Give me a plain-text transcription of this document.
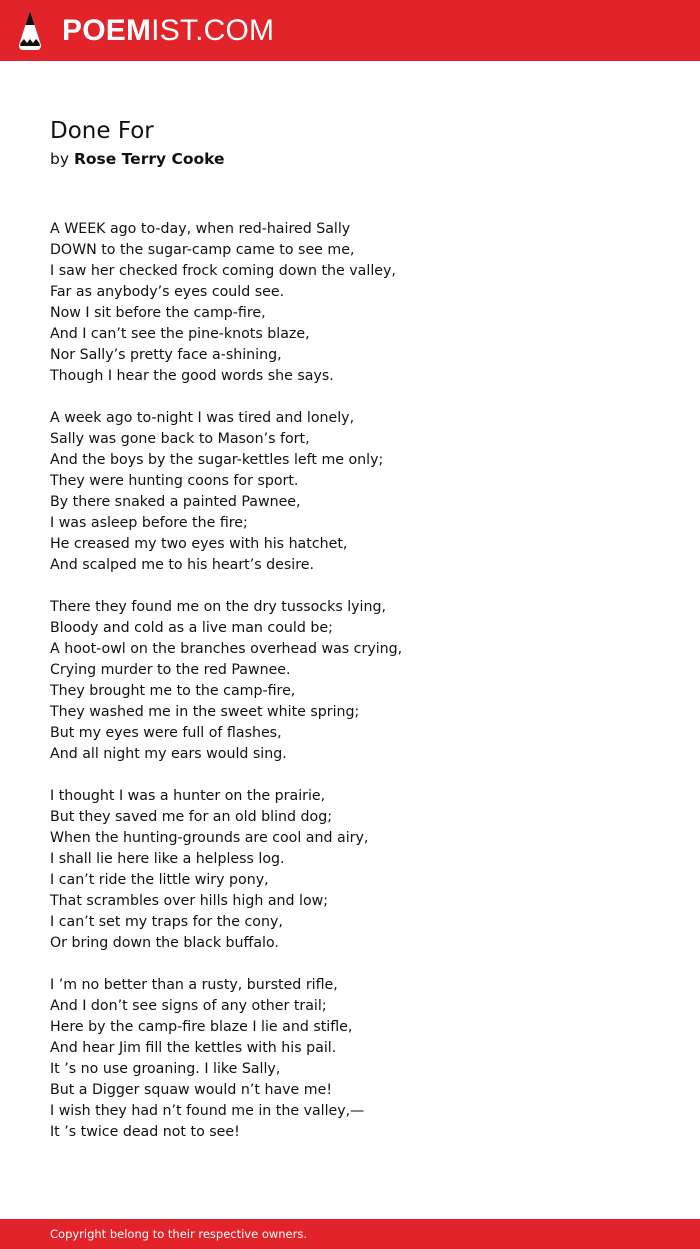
POEM IST.COM
Done For
by Rose Terry Cooke
A WEEK ago to-day, when red-haired Sally
DOWN to the sugar-camp came to see me,
I saw her checked frock coming down the valley,
Far as anybody’s eyes could see.
Now I sit before the camp-fire,
And I can’t see the pine-knots blaze,
Nor Sally’s pretty face a-shining,
Though I hear the good words she says.
A week ago to-night I was tired and lonely,
Sally was gone back to Mason’s fort,
And the boys by the sugar-kettles left me only;
They were hunting coons for sport.
By there snaked a painted Pawnee,
I was asleep before the fire;
He creased my two eyes with his hatchet,
And scalped me to his heart’s desire.
There they found me on the dry tussocks lying,
Bloody and cold as a live man could be;
A hoot-owl on the branches overhead was crying,
Crying murder to the red Pawnee.
They brought me to the camp-fire,
They washed me in the sweet white spring;
But my eyes were full of flashes,
And all night my ears would sing.
I thought I was a hunter on the prairie,
But they saved me for an old blind dog;
When the hunting-grounds are cool and airy,
I shall lie here like a helpless log.
I can’t ride the little wiry pony,
That scrambles over hills high and low;
I can’t set my traps for the cony,
Or bring down the black buffalo.
I ’m no better than a rusty, bursted rifle,
And I don’t see signs of any other trail;
Here by the camp-fire blaze I lie and stifle,
And hear Jim fill the kettles with his pail.
It ’s no use groaning. I like Sally,
But a Digger squaw would n’t have me!
I wish they had n’t found me in the valley,—
It ’s twice dead not to see!
Copyright belong to their respective owners.
